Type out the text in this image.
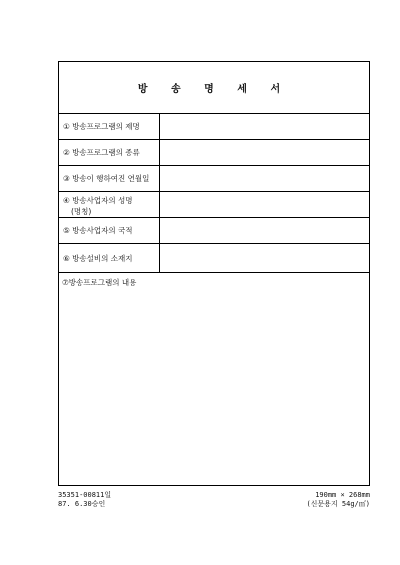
방 송 명 세 서
① 방송프로그램의 제명
② 방송프로그램의 종류
③ 방송이 행하여진 연월일
④ 방송사업자의 성명
(명칭)
⑤ 방송사업자의 국적
⑥ 방송설비의 소재지
⑦방송프로그램의 내용
35351-00811일
87. 6.30승인
190mm × 268mm
(신문용지 54g/㎡)
